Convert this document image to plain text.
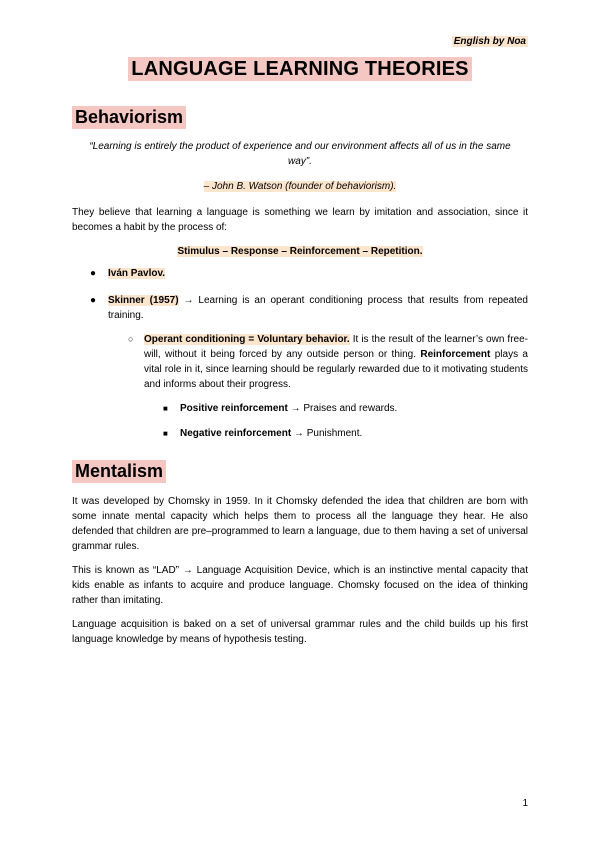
English by Noa
LANGUAGE LEARNING THEORIES
Behaviorism
“Learning is entirely the product of experience and our environment affects all of us in the same way”.
– John B. Watson (founder of behaviorism).
They believe that learning a language is something we learn by imitation and association, since it becomes a habit by the process of:
Stimulus – Response – Reinforcement – Repetition.
● Iván Pavlov.
● Skinner (1957) → Learning is an operant conditioning process that results from repeated training.
○ Operant conditioning = Voluntary behavior. It is the result of the learner’s own free-will, without it being forced by any outside person or thing. Reinforcement plays a vital role in it, since learning should be regularly rewarded due to it motivating students and informs about their progress.
■ Positive reinforcement → Praises and rewards.
■ Negative reinforcement → Punishment.
Mentalism
It was developed by Chomsky in 1959. In it Chomsky defended the idea that children are born with some innate mental capacity which helps them to process all the language they hear. He also defended that children are pre–programmed to learn a language, due to them having a set of universal grammar rules.
This is known as “LAD” → Language Acquisition Device, which is an instinctive mental capacity that kids enable as infants to acquire and produce language. Chomsky focused on the idea of thinking rather than imitating.
Language acquisition is baked on a set of universal grammar rules and the child builds up his first language knowledge by means of hypothesis testing.
1
